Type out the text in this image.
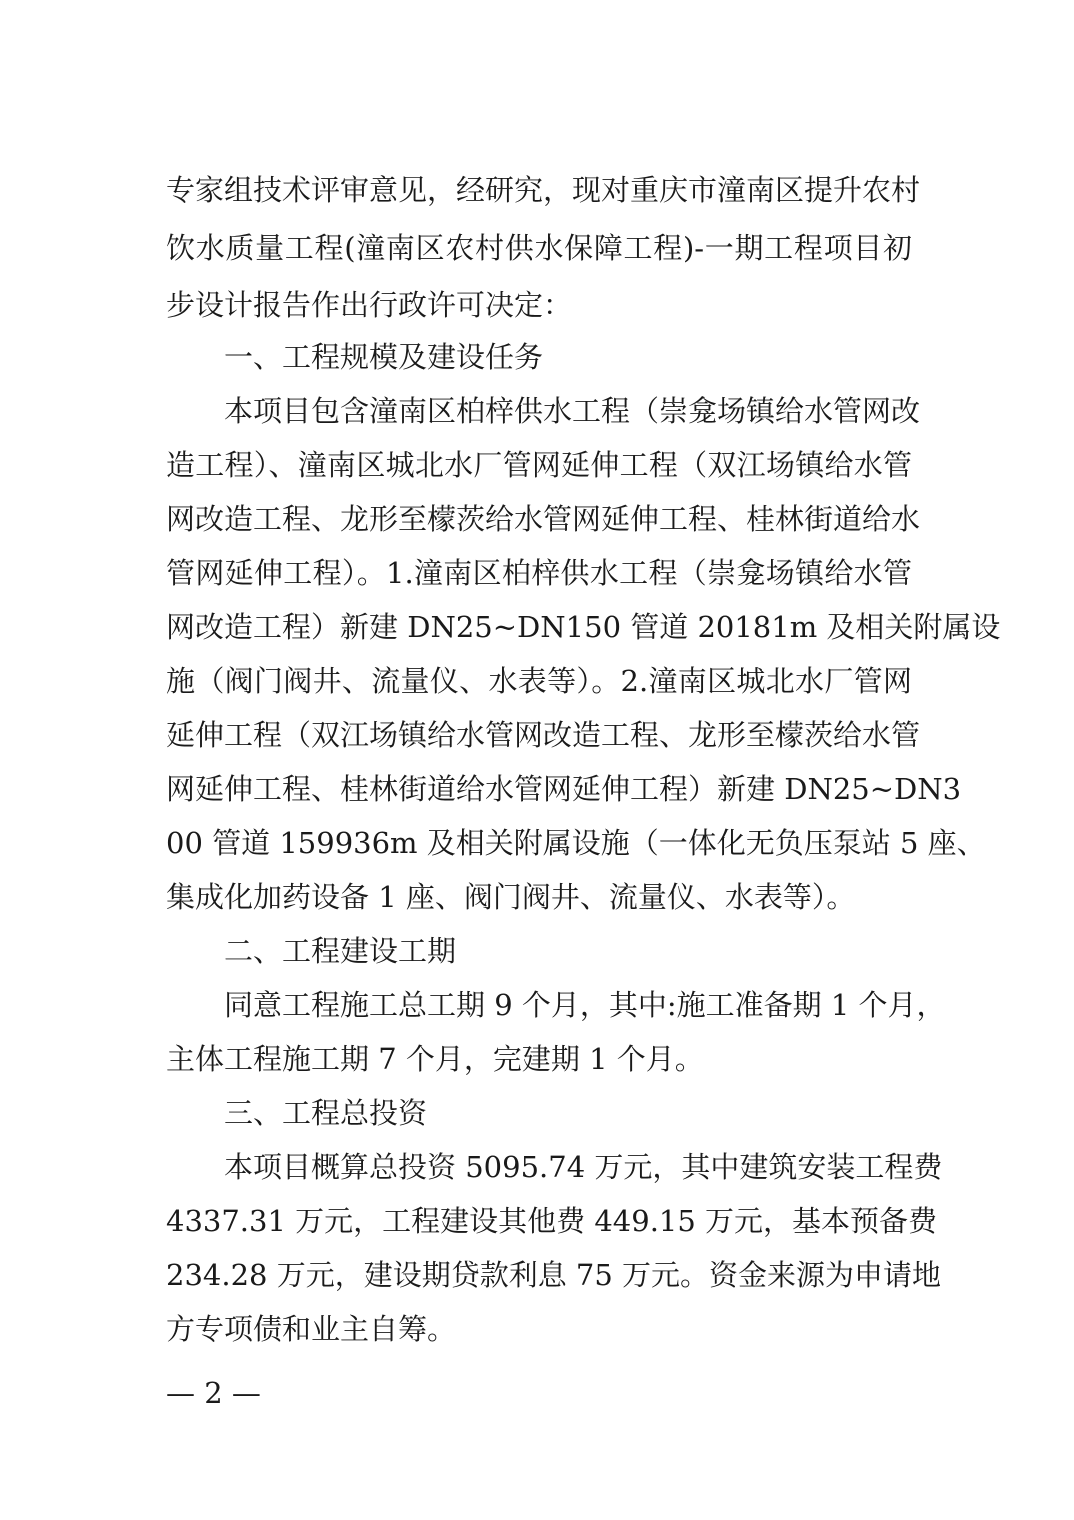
专家组技术评审意见，经研究，现对重庆市潼南区提升农村
饮水质量工程(潼南区农村供水保障工程)-一期工程项目初
步设计报告作出行政许可决定：
一、工程规模及建设任务
本项目包含潼南区柏梓供水工程（崇龛场镇给水管网改
造工程）、潼南区城北水厂管网延伸工程（双江场镇给水管
网改造工程、龙形至檬茨给水管网延伸工程、桂林街道给水
管网延伸工程）。1.潼南区柏梓供水工程（崇龛场镇给水管
网改造工程）新建 DN25~DN150 管道 20181m 及相关附属设
施（阀门阀井、流量仪、水表等）。2.潼南区城北水厂管网
延伸工程（双江场镇给水管网改造工程、龙形至檬茨给水管
网延伸工程、桂林街道给水管网延伸工程）新建 DN25~DN3
00 管道 159936m 及相关附属设施（一体化无负压泵站 5 座、
集成化加药设备 1 座、阀门阀井、流量仪、水表等）。
二、工程建设工期
同意工程施工总工期 9 个月，其中:施工准备期 1 个月，
主体工程施工期 7 个月，完建期 1 个月。
三、工程总投资
本项目概算总投资 5095.74 万元，其中建筑安装工程费
4337.31 万元，工程建设其他费 449.15 万元，基本预备费
234.28 万元，建设期贷款利息 75 万元。资金来源为申请地
方专项债和业主自筹。
— 2 —
